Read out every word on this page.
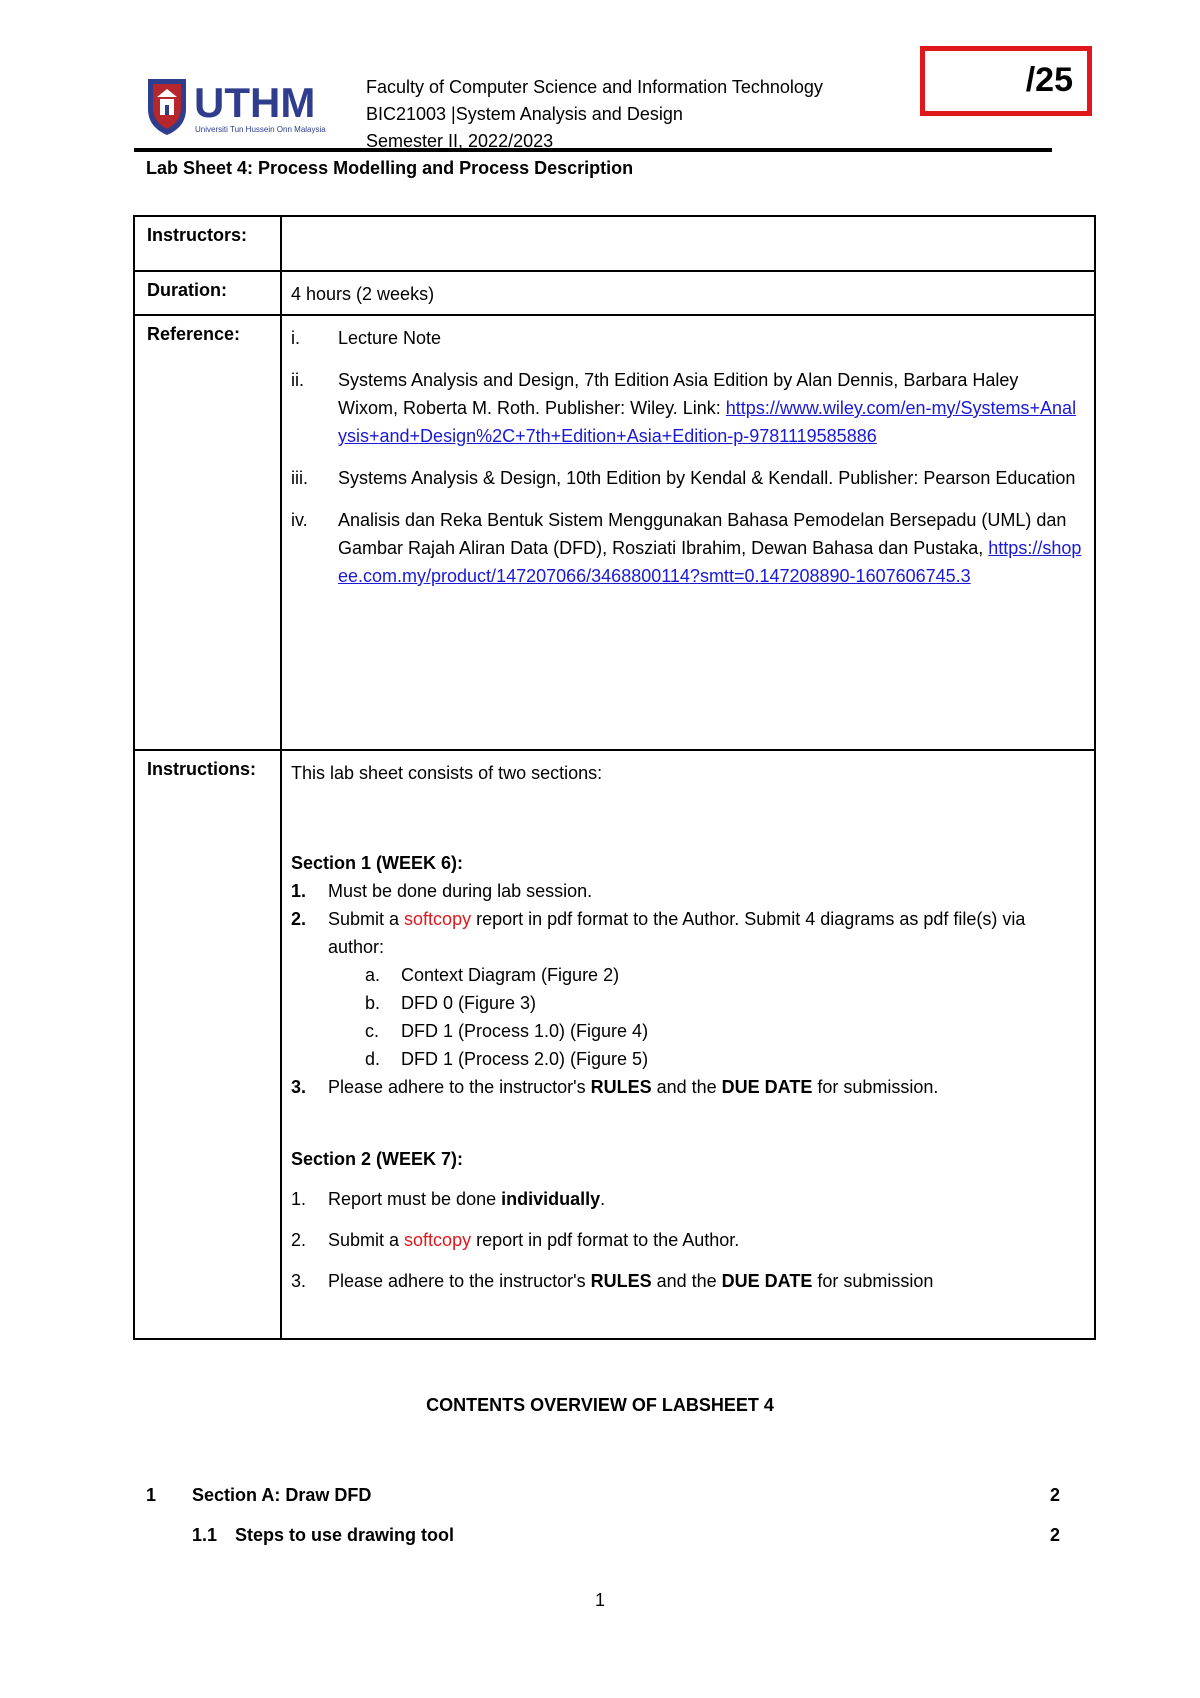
UTHM
Universiti Tun Hussein Onn Malaysia
Faculty of Computer Science and Information Technology
BIC21003 |System Analysis and Design
Semester II, 2022/2023
/25
Lab Sheet 4: Process Modelling and Process Description
Instructors:
Duration:	4 hours (2 weeks)
Reference:	i. Lecture Note
ii. Systems Analysis and Design, 7th Edition Asia Edition by Alan Dennis, Barbara Haley Wixom, Roberta M. Roth. Publisher: Wiley. Link: https://www.wiley.com/en-my/Systems+Analysis+and+Design%2C+7th+Edition+Asia+Edition-p-9781119585886
iii. Systems Analysis & Design, 10th Edition by Kendal & Kendall. Publisher: Pearson Education
iv. Analisis dan Reka Bentuk Sistem Menggunakan Bahasa Pemodelan Bersepadu (UML) dan Gambar Rajah Aliran Data (DFD), Rosziati Ibrahim, Dewan Bahasa dan Pustaka, https://shopee.com.my/product/147207066/3468800114?smtt=0.147208890-1607606745.3
Instructions: This lab sheet consists of two sections:
Section 1 (WEEK 6):
1. Must be done during lab session.
2. Submit a softcopy report in pdf format to the Author. Submit 4 diagrams as pdf file(s) via author:
a. Context Diagram (Figure 2)
b. DFD 0 (Figure 3)
c. DFD 1 (Process 1.0) (Figure 4)
d. DFD 1 (Process 2.0) (Figure 5)
3. Please adhere to the instructor's RULES and the DUE DATE for submission.
Section 2 (WEEK 7):
1. Report must be done individually.
2. Submit a softcopy report in pdf format to the Author.
3. Please adhere to the instructor's RULES and the DUE DATE for submission
CONTENTS OVERVIEW OF LABSHEET 4
1 Section A: Draw DFD	2
1.1 Steps to use drawing tool	2
1
